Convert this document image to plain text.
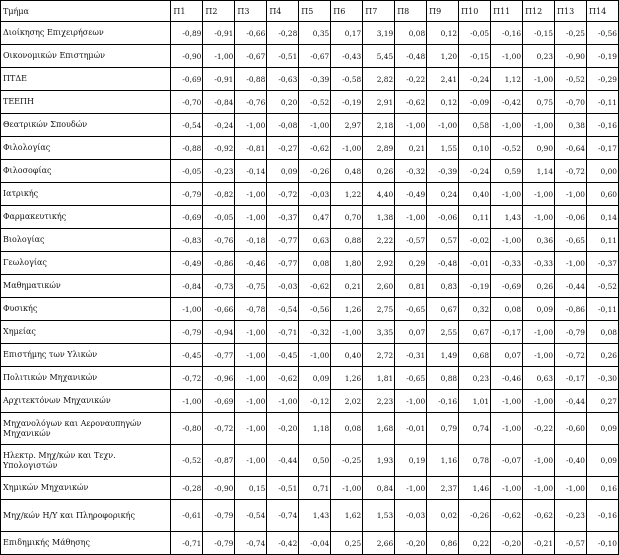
Τμήμα	Π1	Π2	Π3	Π4	Π5	Π6	Π7	Π8	Π9	Π10	Π11	Π12	Π13	Π14
Διοίκησης Επιχειρήσεων	-0,89	-0,91	-0,66	-0,28	0,35	0,17	3,19	0,08	0,12	-0,05	-0,16	-0,15	-0,25	-0,56
Οικονομικών Επιστημών	-0,90	-1,00	-0,67	-0,51	-0,67	-0,43	5,45	-0,48	1,20	-0,15	-1,00	0,23	-0,90	-0,19
ΠΤΔΕ	-0,69	-0,91	-0,88	-0,63	-0,39	-0,58	2,82	-0,22	2,41	-0,24	1,12	-1,00	-0,52	-0,29
ΤΕΕΠΗ	-0,70	-0,84	-0,76	0,20	-0,52	-0,19	2,91	-0,62	0,12	-0,09	-0,42	0,75	-0,70	-0,11
Θεατρικών Σπουδών	-0,54	-0,24	-1,00	-0,08	-1,00	2,97	2,18	-1,00	-1,00	0,58	-1,00	-1,00	0,38	-0,16
Φιλολογίας	-0,88	-0,92	-0,81	-0,27	-0,62	-1,00	2,89	0,21	1,55	0,10	-0,52	0,90	-0,64	-0,17
Φιλοσοφίας	-0,05	-0,23	-0,14	0,09	-0,26	0,48	0,26	-0,32	-0,39	-0,24	0,59	1,14	-0,72	0,00
Ιατρικής	-0,79	-0,82	-1,00	-0,72	-0,03	1,22	4,40	-0,49	0,24	0,40	-1,00	-1,00	-1,00	0,60
Φαρμακευτικής	-0,69	-0,05	-1,00	-0,37	0,47	0,70	1,38	-1,00	-0,06	0,11	1,43	-1,00	-0,06	0,14
Βιολογίας	-0,83	-0,76	-0,18	-0,77	0,63	0,88	2,22	-0,57	0,57	-0,02	-1,00	0,36	-0,65	0,11
Γεωλογίας	-0,49	-0,86	-0,46	-0,77	0,08	1,80	2,92	0,29	-0,48	-0,01	-0,33	-0,33	-1,00	-0,37
Μαθηματικών	-0,84	-0,73	-0,75	-0,03	-0,62	0,21	2,60	0,81	0,83	-0,19	-0,69	0,26	-0,44	-0,52
Φυσικής	-1,00	-0,66	-0,78	-0,54	-0,56	1,26	2,75	-0,65	0,67	0,32	0,08	0,09	-0,86	-0,11
Χημείας	-0,79	-0,94	-1,00	-0,71	-0,32	-1,00	3,35	0,07	2,55	0,67	-0,17	-1,00	-0,79	0,08
Επιστήμης των Υλικών	-0,45	-0,77	-1,00	-0,45	-1,00	0,40	2,72	-0,31	1,49	0,68	0,07	-1,00	-0,72	0,26
Πολιτικών Μηχανικών	-0,72	-0,96	-1,00	-0,62	0,09	1,26	1,81	-0,65	0,88	0,23	-0,46	0,63	-0,17	-0,30
Αρχιτεκτόνων Μηχανικών	-1,00	-0,69	-1,00	-1,00	-0,12	2,02	2,23	-1,00	-0,16	1,01	-1,00	-1,00	-0,44	0,27
Μηχανολόγων και Αεροναυπηγών Μηχανικών	-0,80	-0,72	-1,00	-0,20	1,18	0,08	1,68	-0,01	0,79	0,74	-1,00	-0,22	-0,60	0,09
Ηλεκτρ. Μηχ/κών και Τεχν. Υπολογιστών	-0,52	-0,87	-1,00	-0,44	0,50	-0,25	1,93	0,19	1,16	0,78	-0,07	-1,00	-0,40	0,09
Χημικών Μηχανικών	-0,28	-0,90	0,15	-0,51	0,71	-1,00	0,84	-1,00	2,37	1,46	-1,00	-1,00	-1,00	0,16
Μηχ/κών Η/Υ και Πληροφορικής	-0,61	-0,79	-0,54	-0,74	1,43	1,62	1,53	-0,03	0,02	-0,26	-0,62	-0,62	-0,23	-0,16
Επιδημικής Μάθησης	-0,71	-0,79	-0,74	-0,42	-0,04	0,25	2,66	-0,20	0,86	0,22	-0,20	-0,21	-0,57	-0,10
